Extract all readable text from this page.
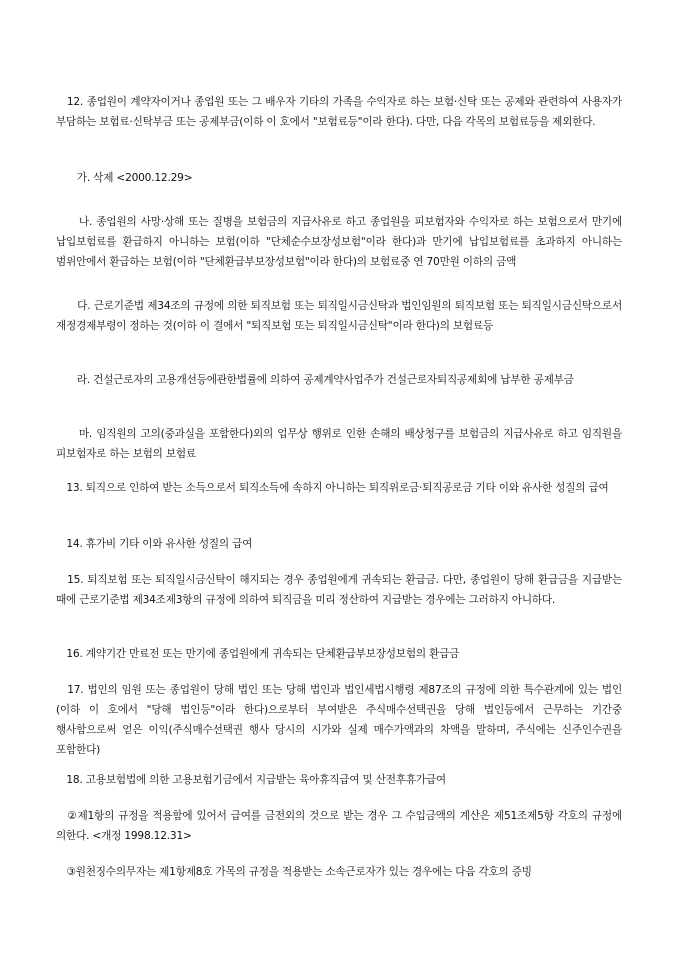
　12. 종업원이 계약자이거나 종업원 또는 그 배우자 기타의 가족을 수익자로 하는 보험·신탁 또는 공제와 관련하여 사용자가 부담하는 보험료·신탁부금 또는 공제부금(이하 이 호에서 "보험료등"이라 한다). 다만, 다음 각목의 보험료등을 제외한다.

　　가. 삭제 <2000.12.29>

　　나. 종업원의 사망·상해 또는 질병을 보험금의 지급사유로 하고 종업원을 피보험자와 수익자로 하는 보험으로서 만기에 납입보험료를 환급하지 아니하는 보험(이하 "단체순수보장성보험"이라 한다)과 만기에 납입보험료를 초과하지 아니하는 범위안에서 환급하는 보험(이하 "단체환급부보장성보험"이라 한다)의 보험료중 연 70만원 이하의 금액

　　다. 근로기준법 제34조의 규정에 의한 퇴직보험 또는 퇴직일시금신탁과 법인임원의 퇴직보험 또는 퇴직일시금신탁으로서 재정경제부령이 정하는 것(이하 이 결에서 "퇴직보험 또는 퇴직일시금신탁"이라 한다)의 보험료등

　　라. 건설근로자의 고용개선등에관한법률에 의하여 공제계약사업주가 건설근로자퇴직공제회에 납부한 공제부금

　　마. 임직원의 고의(중과실을 포함한다)외의 업무상 행위로 인한 손해의 배상청구를 보험금의 지급사유로 하고 임직원을 피보험자로 하는 보험의 보험료

　13. 퇴직으로 인하여 받는 소득으로서 퇴직소득에 속하지 아니하는 퇴직위로금·퇴직공로금 기타 이와 유사한 성질의 급여

　14. 휴가비 기타 이와 유사한 성질의 급여

　15. 퇴직보험 또는 퇴직일시금신탁이 해지되는 경우 종업원에게 귀속되는 환급금. 다만, 종업원이 당해 환급금을 지급받는 때에 근로기준법 제34조제3항의 규정에 의하여 퇴직금을 미리 정산하여 지급받는 경우에는 그러하지 아니하다.

　16. 계약기간 만료전 또는 만기에 종업원에게 귀속되는 단체환급부보장성보험의 환급금

　17. 법인의 임원 또는 종업원이 당해 법인 또는 당해 법인과 법인세법시행령 제87조의 규정에 의한 특수관계에 있는 법인(이하 이 호에서 "당해 법인등"이라 한다)으로부터 부여받은 주식매수선택권을 당해 법인등에서 근무하는 기간중 행사함으로써 얻은 이익(주식매수선택권 행사 당시의 시가와 실제 매수가액과의 차액을 말하며, 주식에는 신주인수권을 포함한다)

　18. 고용보험법에 의한 고용보험기금에서 지급받는 육아휴직급여 및 산전후휴가급여

　②제1항의 규정을 적용함에 있어서 급여를 금전외의 것으로 받는 경우 그 수입금액의 계산은 제51조제5항 각호의 규정에 의한다. <개정 1998.12.31>

　③원천징수의무자는 제1항제8호 가목의 규정을 적용받는 소속근로자가 있는 경우에는 다음 각호의 증빙
